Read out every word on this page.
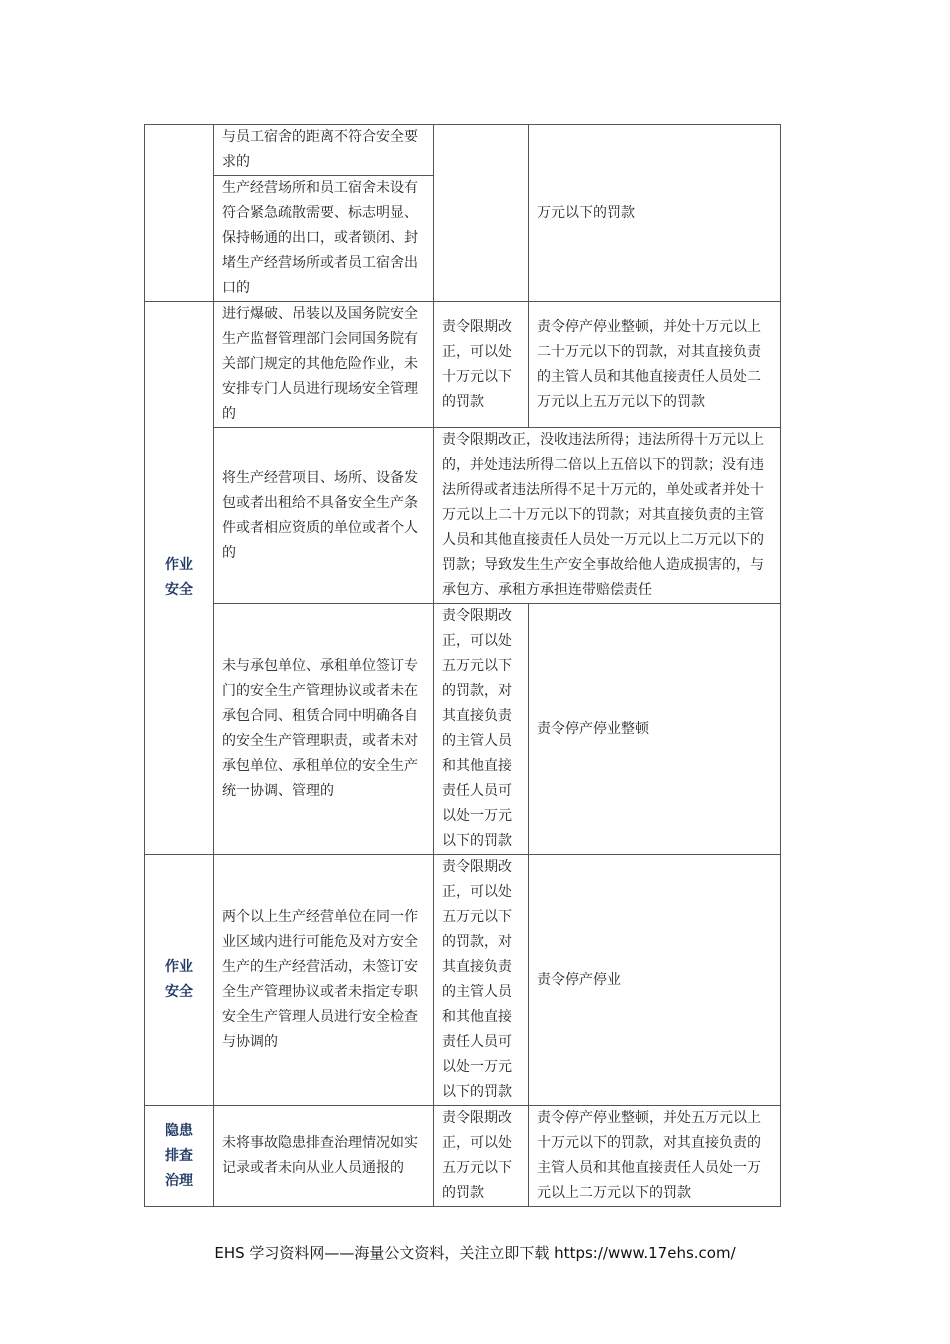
	与员工宿舍的距离不符合安全要求的		万元以下的罚款
	生产经营场所和员工宿舍未设有符合紧急疏散需要、标志明显、保持畅通的出口，或者锁闭、封堵生产经营场所或者员工宿舍出口的		

作业
安全	进行爆破、吊装以及国务院安全生产监督管理部门会同国务院有关部门规定的其他危险作业，未安排专门人员进行现场安全管理的	责令限期改正，可以处十万元以下的罚款	责令停产停业整顿，并处十万元以上二十万元以下的罚款，对其直接负责的主管人员和其他直接责任人员处二万元以上五万元以下的罚款
	将生产经营项目、场所、设备发包或者出租给不具备安全生产条件或者相应资质的单位或者个人的	责令限期改正，没收违法所得；违法所得十万元以上的，并处违法所得二倍以上五倍以下的罚款；没有违法所得或者违法所得不足十万元的，单处或者并处十万元以上二十万元以下的罚款；对其直接负责的主管人员和其他直接责任人员处一万元以上二万元以下的罚款；导致发生生产安全事故给他人造成损害的，与承包方、承租方承担连带赔偿责任	
	未与承包单位、承租单位签订专门的安全生产管理协议或者未在承包合同、租赁合同中明确各自的安全生产管理职责，或者未对承包单位、承租单位的安全生产统一协调、管理的	责令限期改正，可以处五万元以下的罚款，对其直接负责的主管人员和其他直接责任人员可以处一万元以下的罚款	责令停产停业整顿

作业
安全	两个以上生产经营单位在同一作业区域内进行可能危及对方安全生产的生产经营活动，未签订安全生产管理协议或者未指定专职安全生产管理人员进行安全检查与协调的	责令限期改正，可以处五万元以下的罚款，对其直接负责的主管人员和其他直接责任人员可以处一万元以下的罚款	责令停产停业

隐患
排查
治理	未将事故隐患排查治理情况如实记录或者未向从业人员通报的	责令限期改正，可以处五万元以下的罚款	责令停产停业整顿，并处五万元以上十万元以下的罚款，对其直接负责的主管人员和其他直接责任人员处一万元以上二万元以下的罚款
EHS 学习资料网——海量公文资料，关注立即下载 https://www.17ehs.com/
